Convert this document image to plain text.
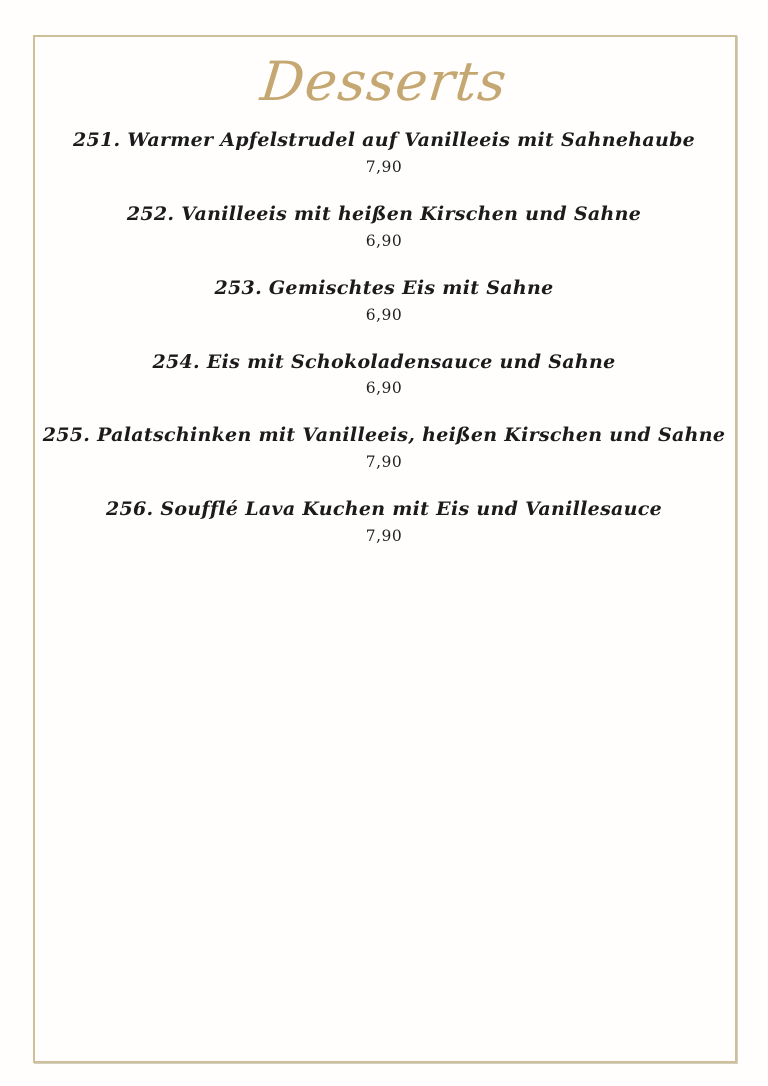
Desserts
251. Warmer Apfelstrudel auf Vanilleeis mit Sahnehaube
7,90
252. Vanilleeis mit heißen Kirschen und Sahne
6,90
253. Gemischtes Eis mit Sahne
6,90
254. Eis mit Schokoladensauce und Sahne
6,90
255. Palatschinken mit Vanilleeis, heißen Kirschen und Sahne
7,90
256. Soufflé Lava Kuchen mit Eis und Vanillesauce
7,90
